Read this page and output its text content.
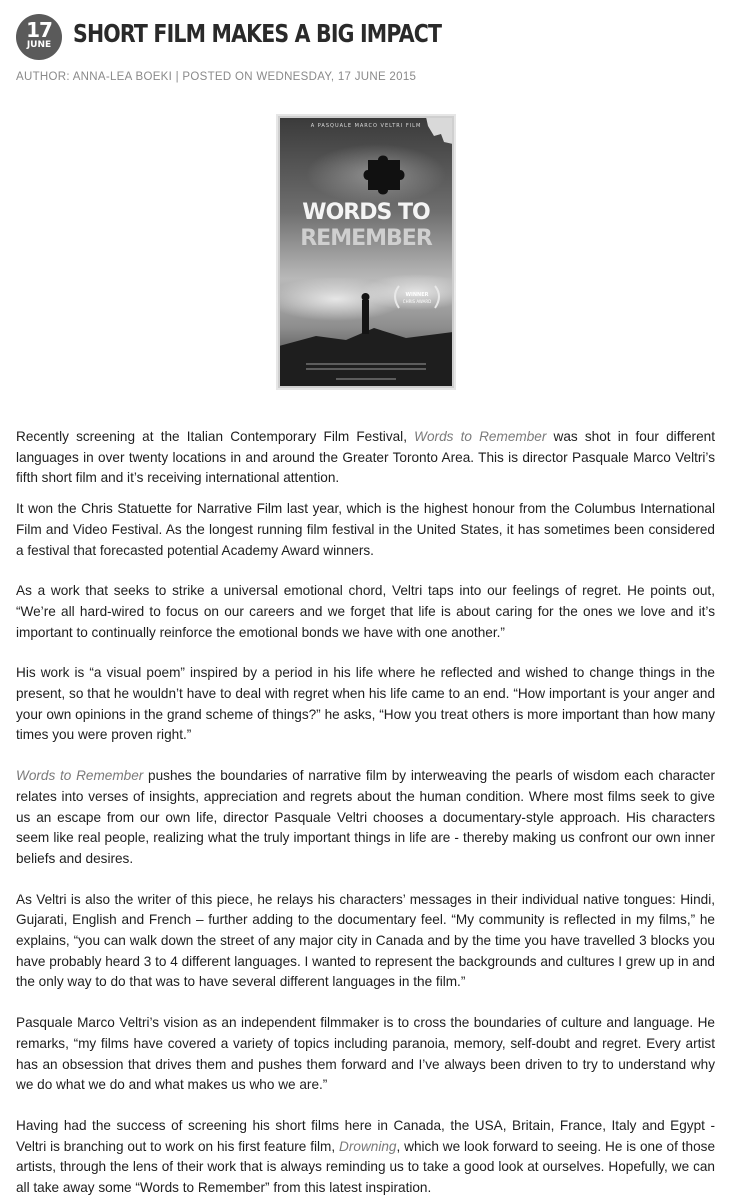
17
JUNE SHORT FILM MAKES A BIG IMPACT
AUTHOR: ANNA-LEA BOEKI | POSTED ON WEDNESDAY, 17 JUNE 2015
A PASQUALE MARCO VELTRI FILM
WORDS TO
REMEMBER
WINNER
CHRIS AWARD

Recently screening at the Italian Contemporary Film Festival, Words to Remember was shot in four different languages in over twenty locations in and around the Greater Toronto Area. This is director Pasquale Marco Veltri’s fifth short film and it’s receiving international attention.

It won the Chris Statuette for Narrative Film last year, which is the highest honour from the Columbus International Film and Video Festival. As the longest running film festival in the United States, it has sometimes been considered a festival that forecasted potential Academy Award winners.

As a work that seeks to strike a universal emotional chord, Veltri taps into our feelings of regret. He points out, “We’re all hard-wired to focus on our careers and we forget that life is about caring for the ones we love and it’s important to continually reinforce the emotional bonds we have with one another.”

His work is “a visual poem” inspired by a period in his life where he reflected and wished to change things in the present, so that he wouldn’t have to deal with regret when his life came to an end. “How important is your anger and your own opinions in the grand scheme of things?” he asks, “How you treat others is more important than how many times you were proven right.”

Words to Remember pushes the boundaries of narrative film by interweaving the pearls of wisdom each character relates into verses of insights, appreciation and regrets about the human condition. Where most films seek to give us an escape from our own life, director Pasquale Veltri chooses a documentary-style approach. His characters seem like real people, realizing what the truly important things in life are - thereby making us confront our own inner beliefs and desires.

As Veltri is also the writer of this piece, he relays his characters’ messages in their individual native tongues: Hindi, Gujarati, English and French – further adding to the documentary feel. “My community is reflected in my films,” he explains, “you can walk down the street of any major city in Canada and by the time you have travelled 3 blocks you have probably heard 3 to 4 different languages. I wanted to represent the backgrounds and cultures I grew up in and the only way to do that was to have several different languages in the film.”

Pasquale Marco Veltri’s vision as an independent filmmaker is to cross the boundaries of culture and language. He remarks, “my films have covered a variety of topics including paranoia, memory, self-doubt and regret. Every artist has an obsession that drives them and pushes them forward and I’ve always been driven to try to understand why we do what we do and what makes us who we are.”

Having had the success of screening his short films here in Canada, the USA, Britain, France, Italy and Egypt - Veltri is branching out to work on his first feature film, Drowning, which we look forward to seeing. He is one of those artists, through the lens of their work that is always reminding us to take a good look at ourselves. Hopefully, we can all take away some “Words to Remember” from this latest inspiration.
